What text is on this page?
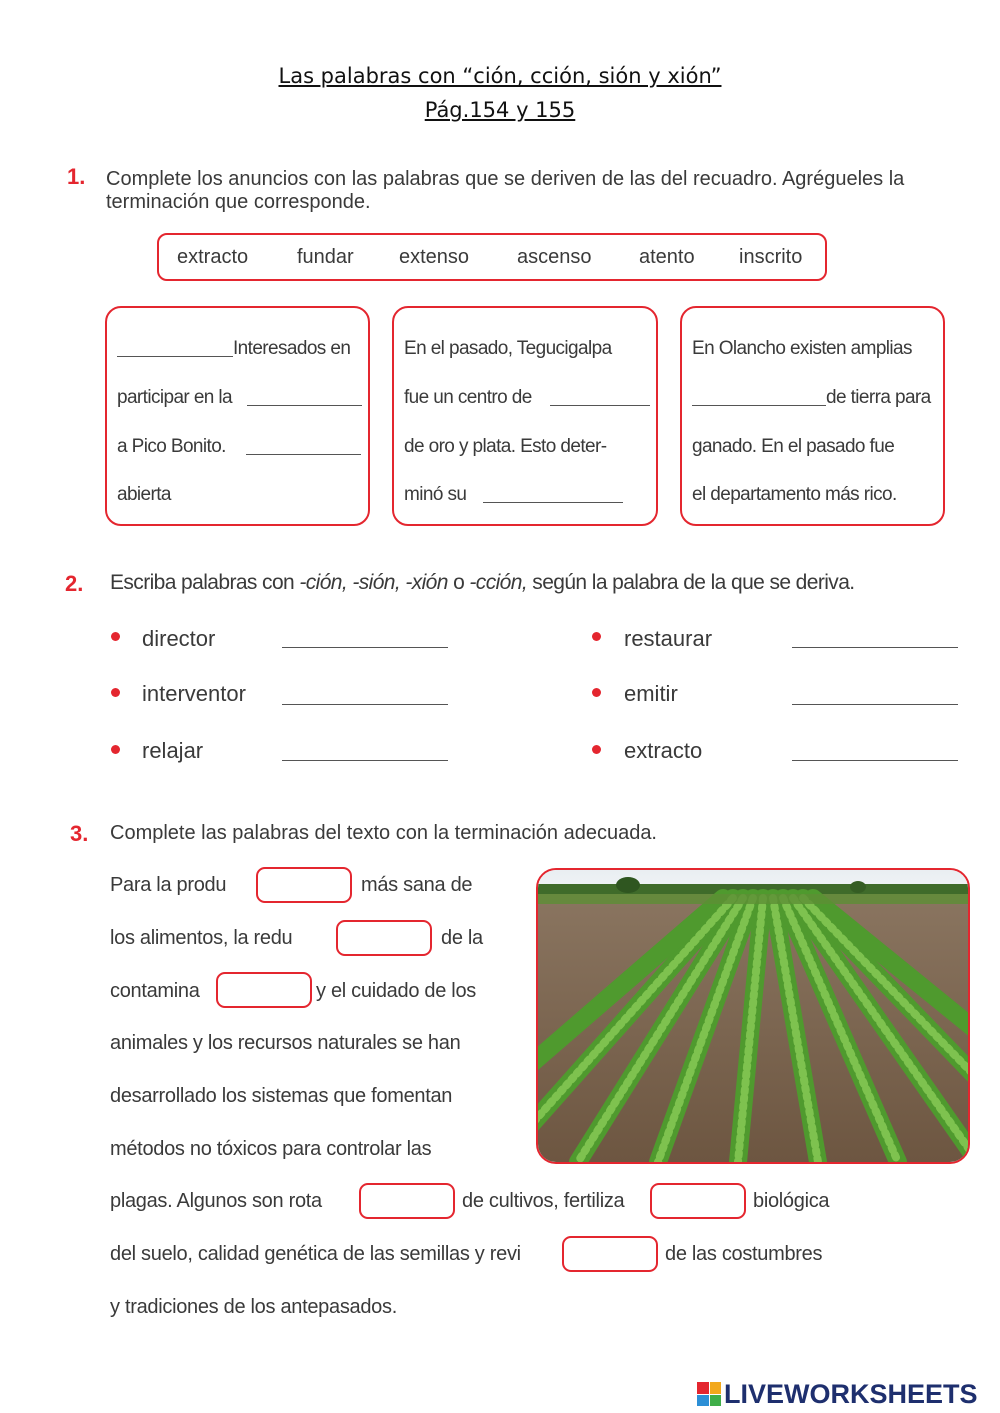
Las palabras con “ción, cción, sión y xión”
Pág.154 y 155
1. Complete los anuncios con las palabras que se deriven de las del recuadro. Agrégueles la
terminación que corresponde.
extracto fundar extenso ascenso atento inscrito
Interesados en
participar en la
a Pico Bonito.
abierta
En el pasado, Tegucigalpa
fue un centro de
de oro y plata. Esto deter-
minó su
En Olancho existen amplias
de tierra para
ganado. En el pasado fue
el departamento más rico.
2. Escriba palabras con -ción, -sión, -xión o -cción, según la palabra de la que se deriva.
director
interventor
relajar
restaurar
emitir
extracto
3. Complete las palabras del texto con la terminación adecuada.
Para la produ	más sana de
los alimentos, la redu	de la
contamina	y el cuidado de los
animales y los recursos naturales se han
desarrollado los sistemas que fomentan
métodos no tóxicos para controlar las
plagas. Algunos son rota	de cultivos, fertiliza	biológica
del suelo, calidad genética de las semillas y revi	de las costumbres
y tradiciones de los antepasados.
LIVEWORKSHEETS
